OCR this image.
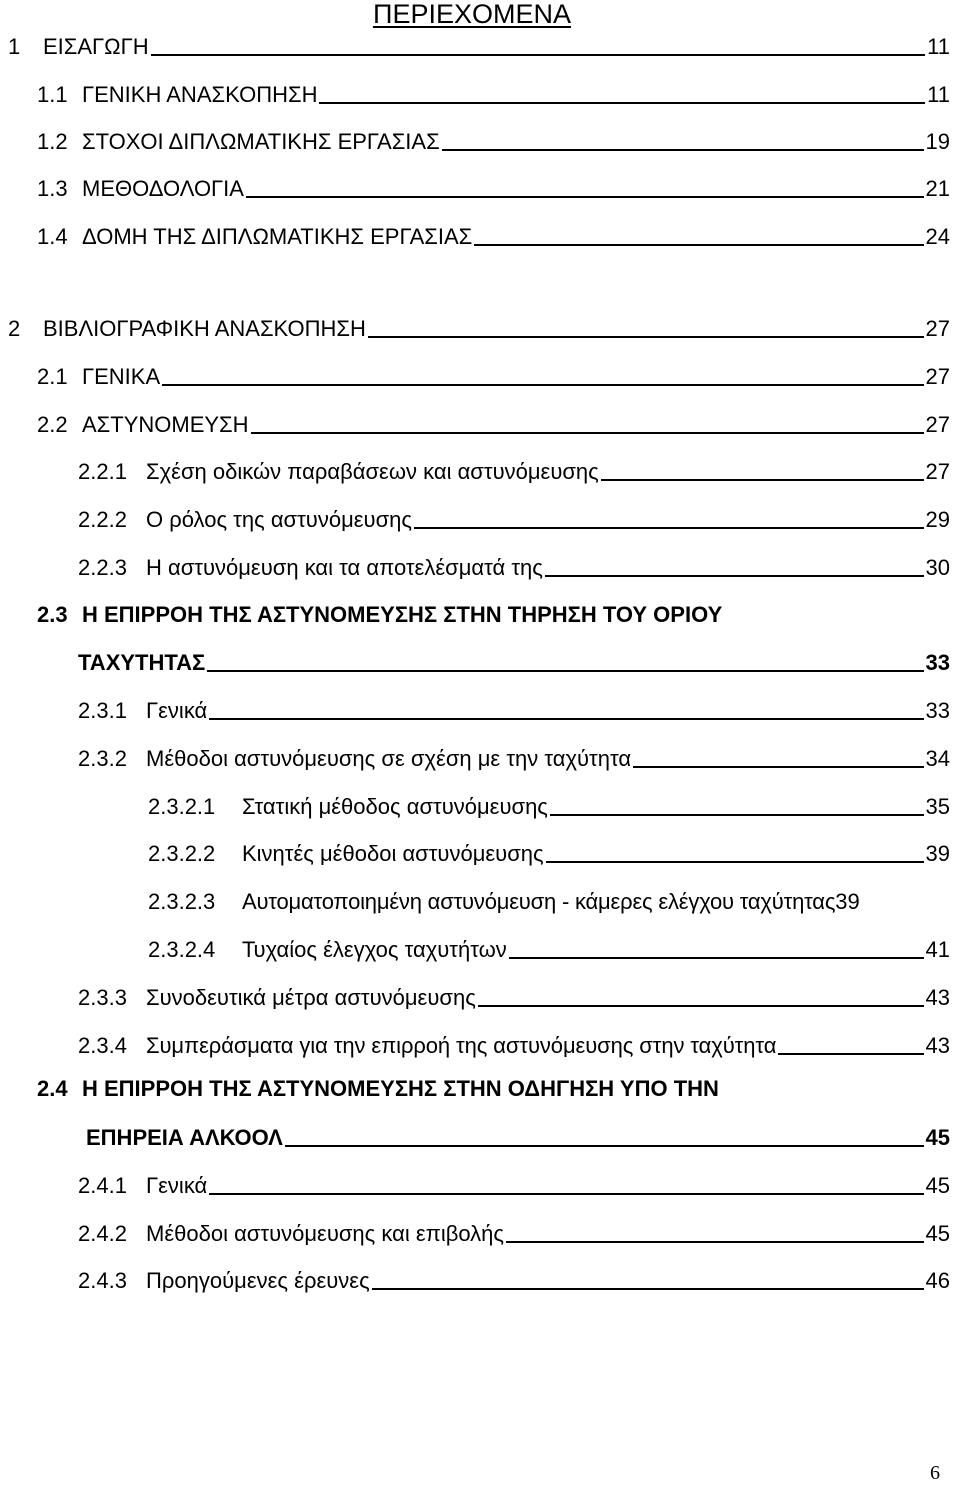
ΠΕΡΙΕΧΟΜΕΝΑ
1	ΕΙΣΑΓΩΓΗ	11
1.1 ΓΕΝΙΚΗ ΑΝΑΣΚΟΠΗΣΗ	11
1.2 ΣΤΟΧΟΙ ΔΙΠΛΩΜΑΤΙΚΗΣ ΕΡΓΑΣΙΑΣ	19
1.3 ΜΕΘΟΔΟΛΟΓΙΑ	21
1.4 ΔΟΜΗ ΤΗΣ ΔΙΠΛΩΜΑΤΙΚΗΣ ΕΡΓΑΣΙΑΣ	24
2	ΒΙΒΛΙΟΓΡΑΦΙΚΗ ΑΝΑΣΚΟΠΗΣΗ	27
2.1 ΓΕΝΙΚΑ	27
2.2 ΑΣΤΥΝΟΜΕΥΣΗ	27
2.2.1 Σχέση οδικών παραβάσεων και αστυνόμευσης	27
2.2.2 Ο ρόλος της αστυνόμευσης	29
2.2.3 Η αστυνόμευση και τα αποτελέσματά της	30
2.3 Η ΕΠΙΡΡΟΗ ΤΗΣ ΑΣΤΥΝΟΜΕΥΣΗΣ ΣΤΗΝ ΤΗΡΗΣΗ ΤΟΥ ΟΡΙΟΥ
ΤΑΧΥΤΗΤΑΣ	33
2.3.1 Γενικά	33
2.3.2 Μέθοδοι αστυνόμευσης σε σχέση με την ταχύτητα	34
2.3.2.1	Στατική μέθοδος αστυνόμευσης	35
2.3.2.2	Κινητές μέθοδοι αστυνόμευσης	39
2.3.2.3	Αυτοματοποιημένη αστυνόμευση - κάμερες ελέγχου ταχύτητας 39
2.3.2.4	Τυχαίος έλεγχος ταχυτήτων	41
2.3.3 Συνοδευτικά μέτρα αστυνόμευσης	43
2.3.4 Συμπεράσματα για την επιρροή της αστυνόμευσης στην ταχύτητα	43
2.4 Η ΕΠΙΡΡΟΗ ΤΗΣ ΑΣΤΥΝΟΜΕΥΣΗΣ ΣΤΗΝ ΟΔΗΓΗΣΗ ΥΠΟ ΤΗΝ
ΕΠΗΡΕΙΑ ΑΛΚΟΟΛ	45
2.4.1 Γενικά	45
2.4.2 Μέθοδοι αστυνόμευσης και επιβολής	45
2.4.3 Προηγούμενες έρευνες	46
6
